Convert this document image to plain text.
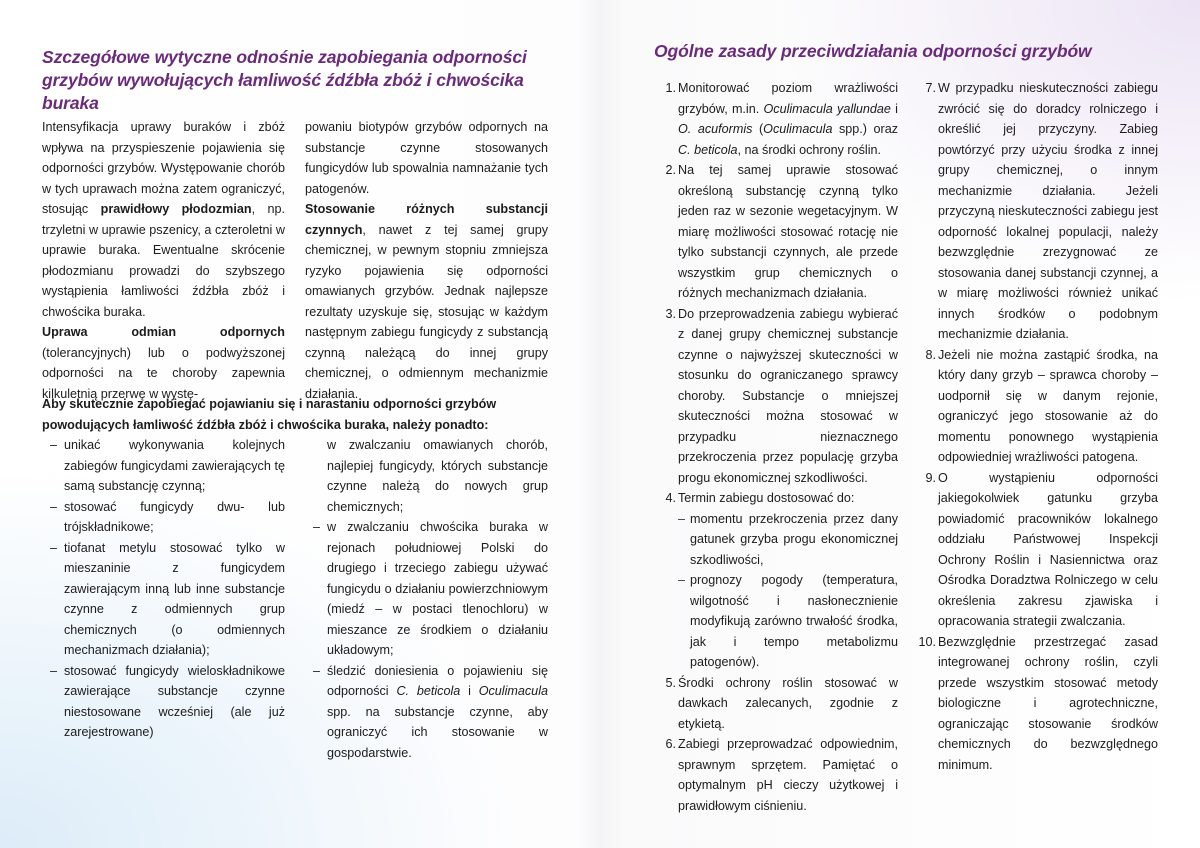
Szczegółowe wytyczne odnośnie zapobiegania odporności
grzybów wywołujących łamliwość źdźbła zbóż i chwościka buraka

Intensyfikacja uprawy buraków i zbóż wpływa na przyspieszenie pojawienia się odporności grzybów. Występowanie chorób w tych uprawach można zatem ograniczyć, stosując prawidłowy płodozmian, np. trzyletni w uprawie pszenicy, a czteroletni w uprawie buraka. Ewentualne skrócenie płodozmianu prowadzi do szybszego wystąpienia łamliwości źdźbła zbóż i chwościka buraka.

Uprawa odmian odpornych (tolerancyjnych) lub o podwyższonej odporności na te choroby zapewnia kilkuletnią przerwę w wystę-

powaniu biotypów grzybów odpornych na substancje czynne stosowanych fungicydów lub spowalnia namnażanie tych patogenów.

Stosowanie różnych substancji czynnych, nawet z tej samej grupy chemicznej, w pewnym stopniu zmniejsza ryzyko pojawienia się odporności omawianych grzybów. Jednak najlepsze rezultaty uzyskuje się, stosując w każdym następnym zabiegu fungicydy z substancją czynną należącą do innej grupy chemicznej, o odmiennym mechanizmie działania.

Aby skutecznie zapobiegać pojawianiu się i narastaniu odporności grzybów powodujących łamliwość źdźbła zbóż i chwościka buraka, należy ponadto:

– unikać wykonywania kolejnych zabiegów fungicydami zawierających tę samą substancję czynną;
– stosować fungicydy dwu- lub trójskładnikowe;
– tiofanat metylu stosować tylko w mieszaninie z fungicydem zawierającym inną lub inne substancje czynne z odmiennych grup chemicznych (o odmiennych mechanizmach działania);
– stosować fungicydy wieloskładnikowe zawierające substancje czynne niestosowane wcześniej (ale już zarejestrowane)
w zwalczaniu omawianych chorób, najlepiej fungicydy, których substancje czynne należą do nowych grup chemicznych;
– w zwalczaniu chwościka buraka w rejonach południowej Polski do drugiego i trzeciego zabiegu używać fungicydu o działaniu powierzchniowym (miedź – w postaci tlenochloru) w mieszance ze środkiem o działaniu układowym;
– śledzić doniesienia o pojawieniu się odporności C. beticola i Oculimacula spp. na substancje czynne, aby ograniczyć ich stosowanie w gospodarstwie.
Ogólne zasady przeciwdziałania odporności grzybów
1. Monitorować poziom wrażliwości grzybów, m.in. Oculimacula yallundae i O. acuformis (Oculimacula spp.) oraz C. beticola, na środki ochrony roślin.
2. Na tej samej uprawie stosować określoną substancję czynną tylko jeden raz w sezonie wegetacyjnym. W miarę możliwości stosować rotację nie tylko substancji czynnych, ale przede wszystkim grup chemicznych o różnych mechanizmach działania.
3. Do przeprowadzenia zabiegu wybierać z danej grupy chemicznej substancje czynne o najwyższej skuteczności w stosunku do ograniczanego sprawcy choroby. Substancje o mniejszej skuteczności można stosować w przypadku nieznacznego przekroczenia przez populację grzyba progu ekonomicznej szkodliwości.
4. Termin zabiegu dostosować do:
– momentu przekroczenia przez dany gatunek grzyba progu ekonomicznej szkodliwości,
– prognozy pogody (temperatura, wilgotność i nasłonecznienie modyfikują zarówno trwałość środka, jak i tempo metabolizmu patogenów).
5. Środki ochrony roślin stosować w dawkach zalecanych, zgodnie z etykietą.
6. Zabiegi przeprowadzać odpowiednim, sprawnym sprzętem. Pamiętać o optymalnym pH cieczy użytkowej i prawidłowym ciśnieniu.
7. W przypadku nieskuteczności zabiegu zwrócić się do doradcy rolniczego i określić jej przyczyny. Zabieg powtórzyć przy użyciu środka z innej grupy chemicznej, o innym mechanizmie działania. Jeżeli przyczyną nieskuteczności zabiegu jest odporność lokalnej populacji, należy bezwzględnie zrezygnować ze stosowania danej substancji czynnej, a w miarę możliwości również unikać innych środków o podobnym mechanizmie działania.
8. Jeżeli nie można zastąpić środka, na który dany grzyb – sprawca choroby – uodpornił się w danym rejonie, ograniczyć jego stosowanie aż do momentu ponownego wystąpienia odpowiedniej wrażliwości patogena.
9. O wystąpieniu odporności jakiegokolwiek gatunku grzyba powiadomić pracowników lokalnego oddziału Państwowej Inspekcji Ochrony Roślin i Nasiennictwa oraz Ośrodka Doradztwa Rolniczego w celu określenia zakresu zjawiska i opracowania strategii zwalczania.
10. Bezwzględnie przestrzegać zasad integrowanej ochrony roślin, czyli przede wszystkim stosować metody biologiczne i agrotechniczne, ograniczając stosowanie środków chemicznych do bezwzględnego minimum.
